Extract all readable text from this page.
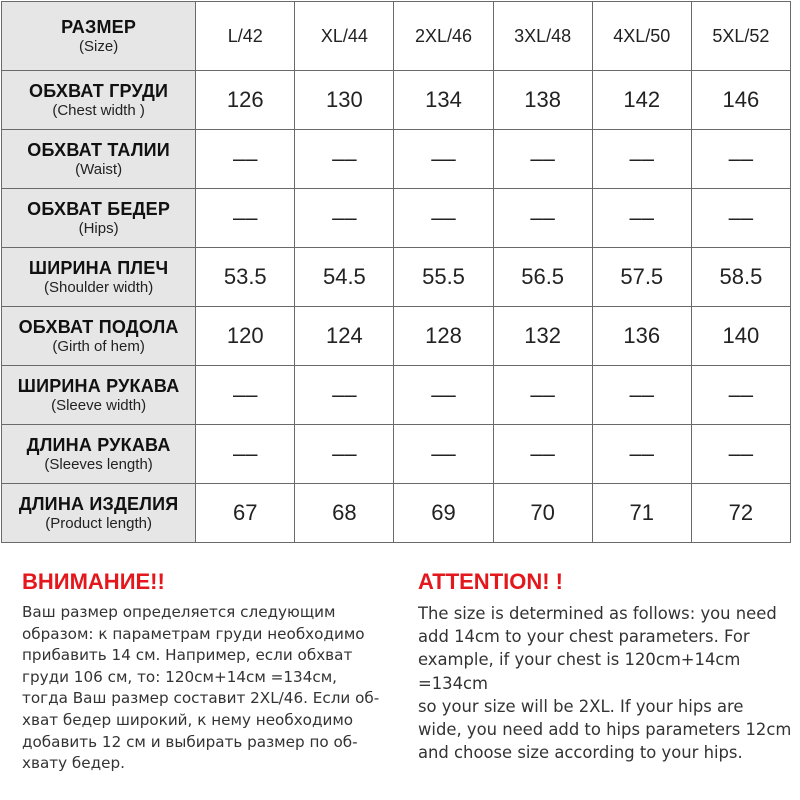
РАЗМЕР
(Size)	L/42	XL/44	2XL/46	3XL/48	4XL/50	5XL/52

ОБХВАТ ГРУДИ
(Chest width )	126	130	134	138	142	146

ОБХВАТ ТАЛИИ
(Waist)	––	––	––	––	––	––

ОБХВАТ БЕДЕР
(Hips)	––	––	––	––	––	––

ШИРИНА ПЛЕЧ
(Shoulder width)	53.5	54.5	55.5	56.5	57.5	58.5

ОБХВАТ ПОДОЛА
(Girth of hem)	120	124	128	132	136	140

ШИРИНА РУКАВА
(Sleeve width)	––	––	––	––	––	––

ДЛИНА РУКАВА
(Sleeves length)	––	––	––	––	––	––

ДЛИНА ИЗДЕЛИЯ
(Product length)	67	68	69	70	71	72
ВНИМАНИЕ!!

Ваш размер определяется следующим
образом: к параметрам груди необходимо
прибавить 14 см. Например, если обхват
груди 106 см, то: 120см+14см =134см,
тогда Ваш размер составит 2XL/46. Если об-
хват бедер широкий, к нему необходимо
добавить 12 см и выбирать размер по об-
хвату бедер.

ATTENTION! !

The size is determined as follows: you need
add 14cm to your chest parameters. For
example, if your chest is 120cm+14cm =134cm
so your size will be 2XL. If your hips are
wide, you need add to hips parameters 12cm
and choose size according to your hips.
